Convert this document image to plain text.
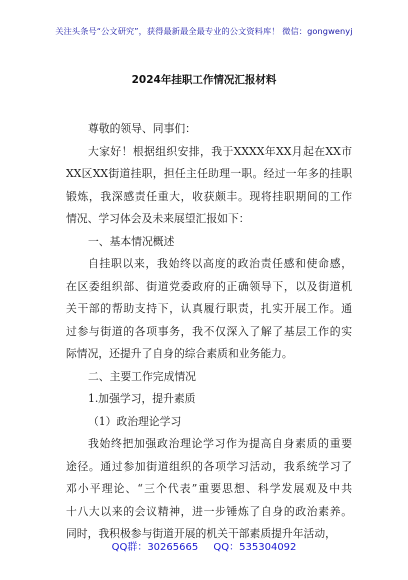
关注头条号“公文研究”，获得最新最全最专业的公文资料库！ 微信：gongwenyj
2024年挂职工作情况汇报材料
尊敬的领导、同事们：
大家好！根据组织安排，我于XXXX年XX月起在XX市
XX区XX街道挂职，担任主任助理一职。经过一年多的挂职
锻炼，我深感责任重大，收获颇丰。现将挂职期间的工作
情况、学习体会及未来展望汇报如下：
一、基本情况概述
自挂职以来，我始终以高度的政治责任感和使命感，
在区委组织部、街道党委政府的正确领导下，以及街道机
关干部的帮助支持下，认真履行职责，扎实开展工作。通
过参与街道的各项事务，我不仅深入了解了基层工作的实
际情况，还提升了自身的综合素质和业务能力。
二、主要工作完成情况
1.加强学习，提升素质
（1）政治理论学习
我始终把加强政治理论学习作为提高自身素质的重要
途径。通过参加街道组织的各项学习活动，我系统学习了
邓小平理论、“三个代表”重要思想、科学发展观及中共
十八大以来的会议精神，进一步锤炼了自身的政治素养。
同时，我积极参与街道开展的机关干部素质提升年活动，
QQ群：30265665 QQ：535304092
